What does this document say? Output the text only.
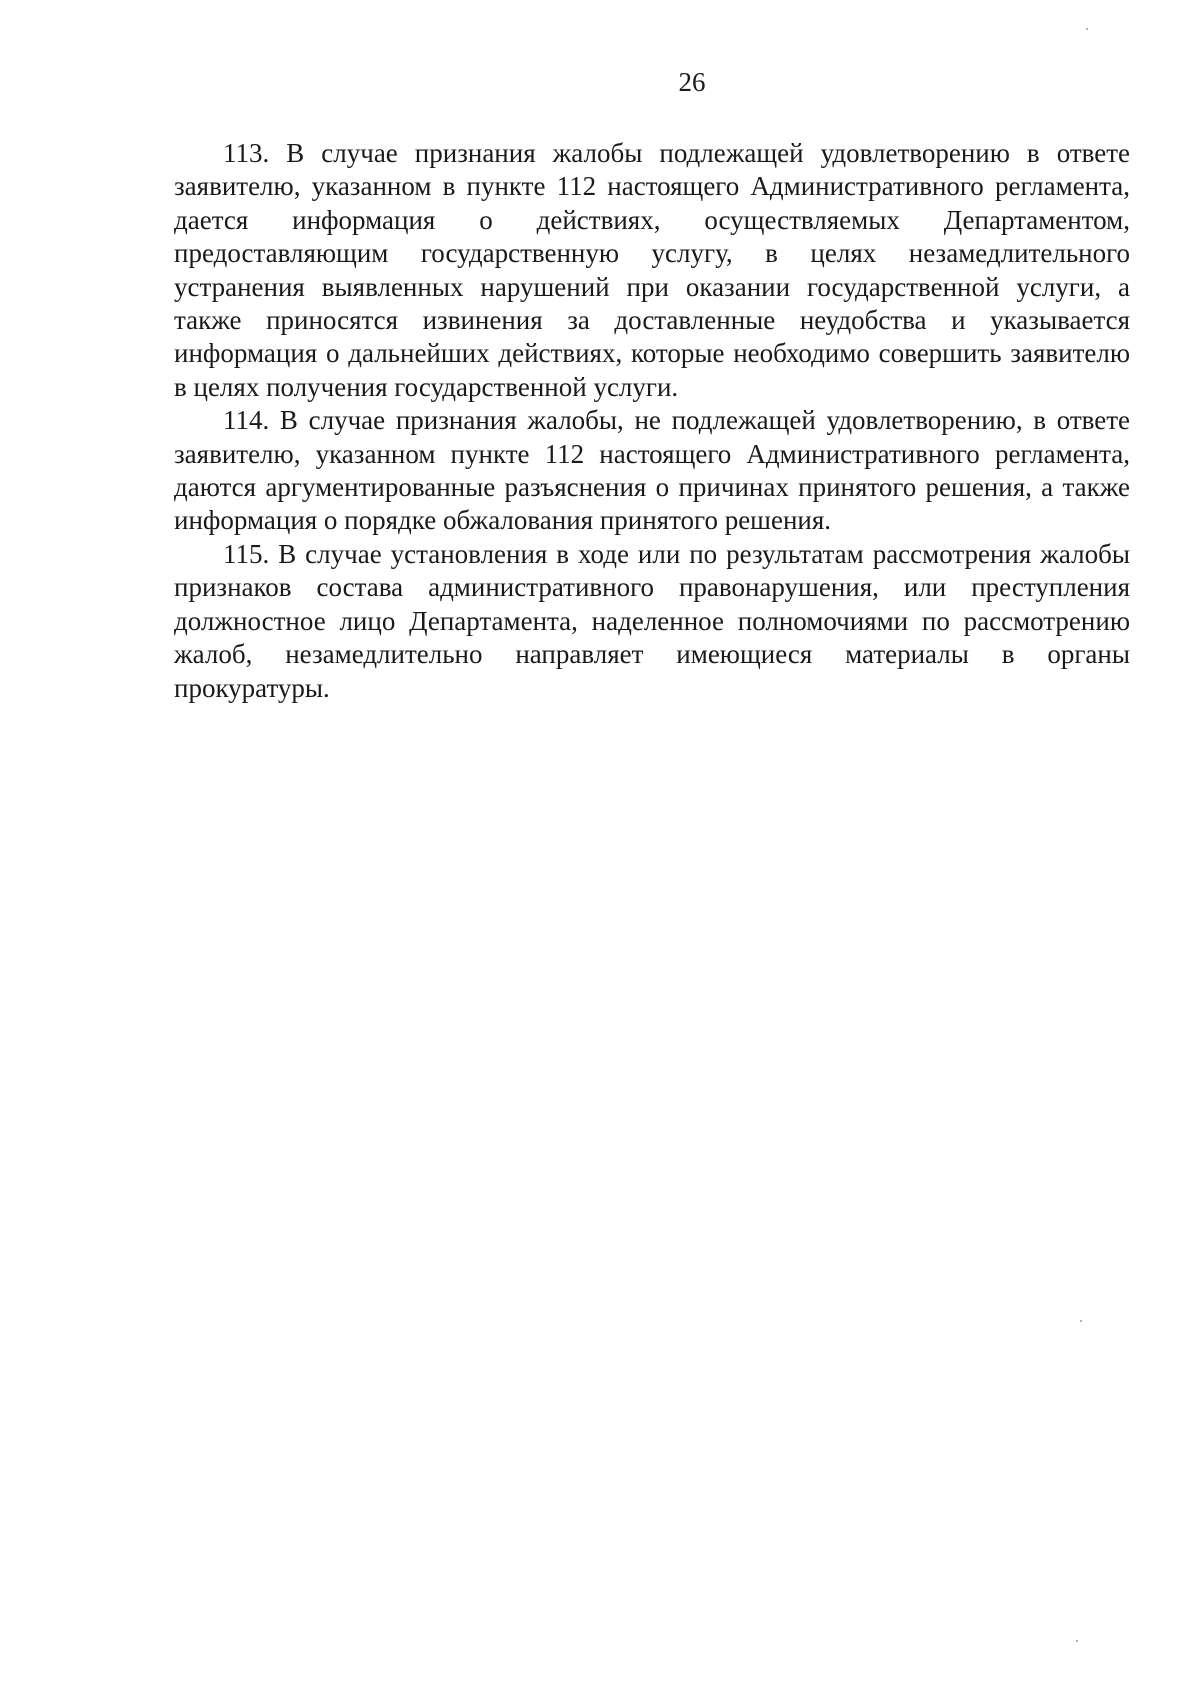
26

113. В случае признания жалобы подлежащей удовлетворению в ответе заявителю, указанном в пункте 112 настоящего Административного регламента, дается информация о действиях, осуществляемых Департаментом, предоставляющим государственную услугу, в целях незамедлительного устранения выявленных нарушений при оказании государственной услуги, а также приносятся извинения за доставленные неудобства и указывается информация о дальнейших действиях, которые необходимо совершить заявителю в целях получения государственной услуги.

114. В случае признания жалобы, не подлежащей удовлетворению, в ответе заявителю, указанном пункте 112 настоящего Административного регламента, даются аргументированные разъяснения о причинах принятого решения, а также информация о порядке обжалования принятого решения.

115. В случае установления в ходе или по результатам рассмотрения жалобы признаков состава административного правонарушения, или преступления должностное лицо Департамента, наделенное полномочиями по рассмотрению жалоб, незамедлительно направляет имеющиеся материалы в органы прокуратуры.
